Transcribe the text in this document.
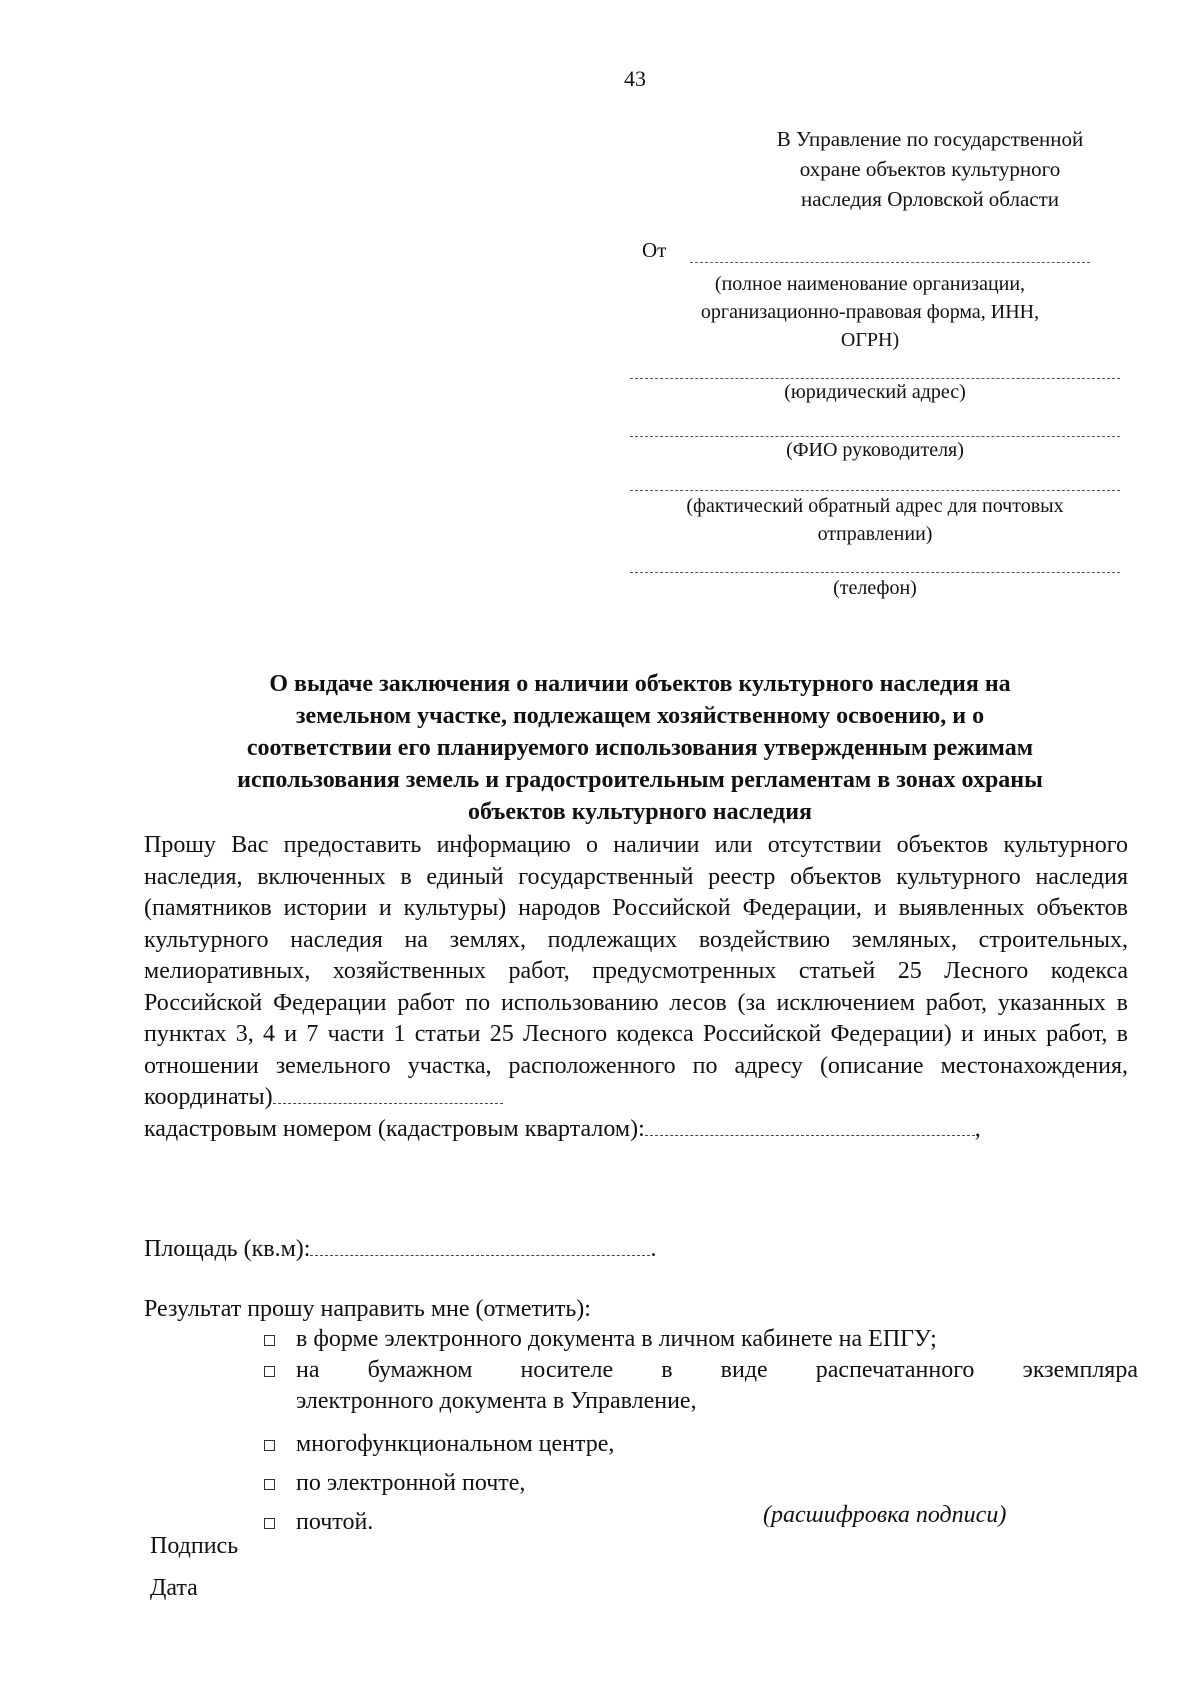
43
В Управление по государственной
охране объектов культурного
наследия Орловской области
От
(полное наименование организации,
организационно-правовая форма, ИНН,
ОГРН)
(юридический адрес)
(ФИО руководителя)
(фактический обратный адрес для почтовых
отправлении)
(телефон)
О выдаче заключения о наличии объектов культурного наследия на
земельном участке, подлежащем хозяйственному освоению, и о
соответствии его планируемого использования утвержденным режимам
использования земель и градостроительным регламентам в зонах охраны
объектов культурного наследия
Прошу Вас предоставить информацию о наличии или отсутствии объектов культурного наследия, включенных в единый государственный реестр объектов культурного наследия (памятников истории и культуры) народов Российской Федерации, и выявленных объектов культурного наследия на землях, подлежащих воздействию земляных, строительных, мелиоративных, хозяйственных работ, предусмотренных статьей 25 Лесного кодекса Российской Федерации работ по использованию лесов (за исключением работ, указанных в пунктах 3, 4 и 7 части 1 статьи 25 Лесного кодекса Российской Федерации) и иных работ, в отношении земельного участка, расположенного по адресу (описание местонахождения, координаты)
кадастровым номером (кадастровым кварталом):	,
Площадь (кв.м):	.
Результат прошу направить мне (отметить):
в форме электронного документа в личном кабинете на ЕПГУ;
на бумажном носителе в виде распечатанного экземпляра
электронного документа в Управление,
многофункциональном центре,
по электронной почте,
почтой.
Подпись
Дата
(расшифровка подписи)
